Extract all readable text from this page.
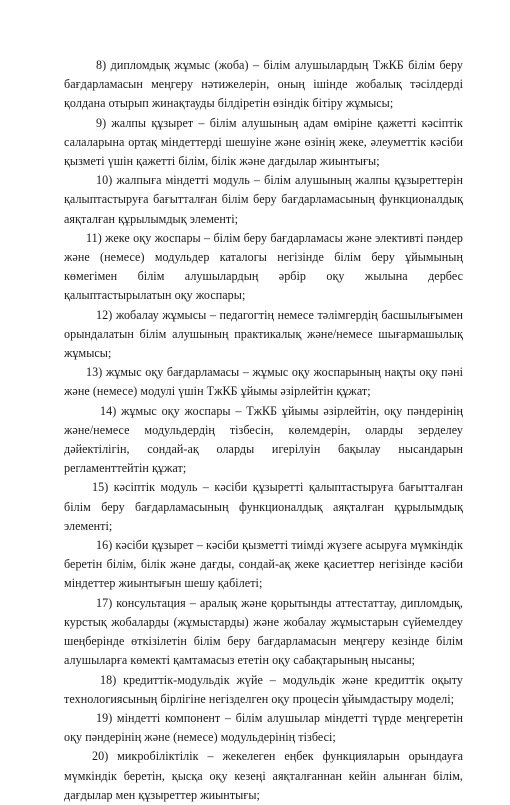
8) дипломдық жұмыс (жоба) – білім алушылардың ТжКБ білім беру бағдарламасын меңгеру нәтижелерін, оның ішінде жобалық тәсілдерді қолдана отырып жинақтауды білдіретін өзіндік бітіру жұмысы;

9) жалпы құзырет – білім алушының адам өміріне қажетті кәсіптік салаларына ортақ міндеттерді шешуіне және өзінің жеке, әлеуметтік кәсіби қызметі үшін қажетті білім, білік және дағдылар жиынтығы;

10) жалпыға міндетті модуль – білім алушының жалпы құзыреттерін қалыптастыруға бағытталған білім беру бағдарламасының функционалдық аяқталған құрылымдық элементі;

11) жеке оқу жоспары – білім беру бағдарламасы және элективті пәндер және (немесе) модульдер каталогы негізінде білім беру ұйымының көмегімен білім алушылардың әрбір оқу жылына дербес қалыптастырылатын оқу жоспары;

12) жобалау жұмысы – педагогтің немесе тәлімгердің басшылығымен орындалатын білім алушының практикалық және/немесе шығармашылық жұмысы;

13) жұмыс оқу бағдарламасы – жұмыс оқу жоспарының нақты оқу пәні және (немесе) модулі үшін ТжКБ ұйымы әзірлейтін құжат;

14) жұмыс оқу жоспары – ТжКБ ұйымы әзірлейтін, оқу пәндерінің және/немесе модульдердің тізбесін, көлемдерін, оларды зерделеу дәйектілігін, сондай-ақ оларды игерілуін бақылау нысандарын регламенттейтін құжат;

15) кәсіптік модуль – кәсіби құзыретті қалыптастыруға бағытталған білім беру бағдарламасының функционалдық аяқталған құрылымдық элементі;

16) кәсіби құзырет – кәсіби қызметті тиімді жүзеге асыруға мүмкіндік беретін білім, білік және дағды, сондай-ақ жеке қасиеттер негізінде кәсіби міндеттер жиынтығын шешу қабілеті;

17) консультация – аралық және қорытынды аттестаттау, дипломдық, курстық жобаларды (жұмыстарды) және жобалау жұмыстарын сүйемелдеу шеңберінде өткізілетін білім беру бағдарламасын меңгеру кезінде білім алушыларға көмекті қамтамасыз ететін оқу сабақтарының нысаны;

18) кредиттік-модульдік жүйе – модульдік және кредиттік оқыту технологиясының бірлігіне негізделген оқу процесін ұйымдастыру моделі;

19) міндетті компонент – білім алушылар міндетті түрде меңгеретін оқу пәндерінің және (немесе) модульдерінің тізбесі;

20) микробіліктілік – жекелеген еңбек функцияларын орындауға мүмкіндік беретін, қысқа оқу кезеңі аяқталғаннан кейін алынған білім, дағдылар мен құзыреттер жиынтығы;
